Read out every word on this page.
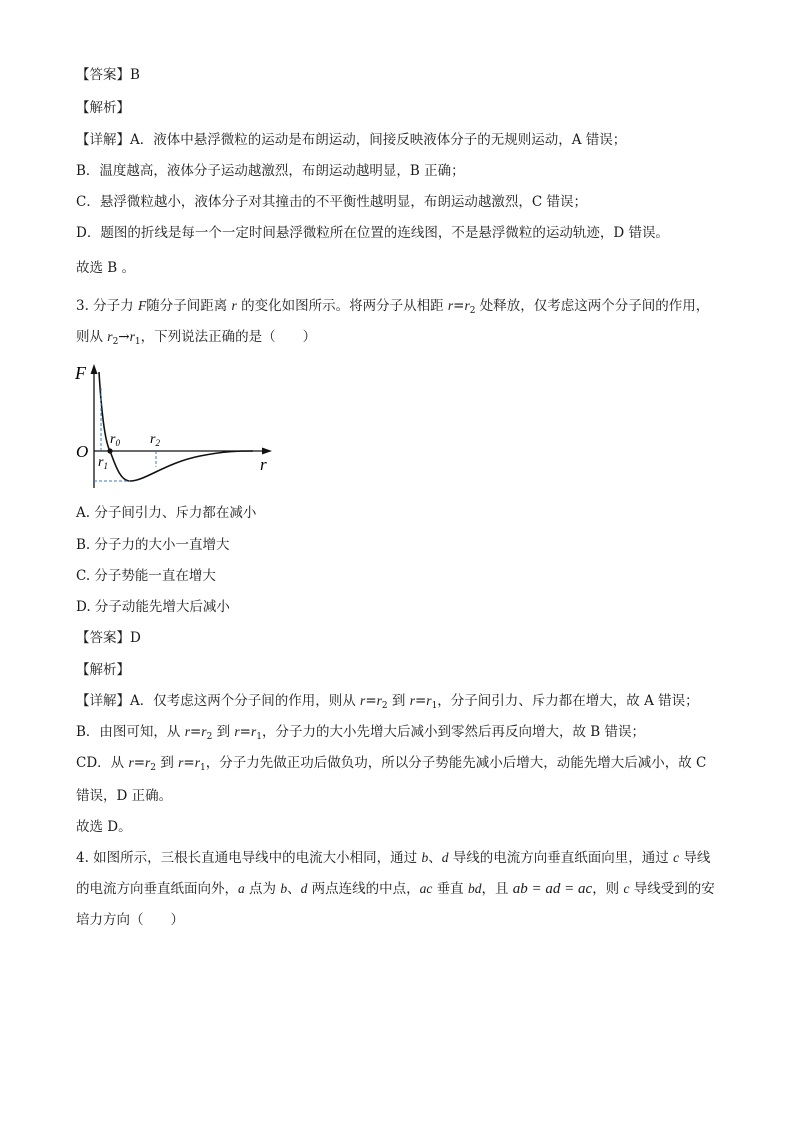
【答案】B
【解析】
【详解】A．液体中悬浮微粒的运动是布朗运动，间接反映液体分子的无规则运动，A 错误；
B．温度越高，液体分子运动越激烈，布朗运动越明显，B 正确；
C．悬浮微粒越小，液体分子对其撞击的不平衡性越明显，布朗运动越激烈，C 错误；
D．题图的折线是每一个一定时间悬浮微粒所在位置的连线图，不是悬浮微粒的运动轨迹，D 错误。
故选 B 。
3. 分子力 F随分子间距离 r 的变化如图所示。将两分子从相距 $r=r_2$ 处释放，仅考虑这两个分子间的作用，
则从 $r_2\to r_1$，下列说法正确的是（　　）
F
O
r
$r_0$
$r_1$
$r_2$
A. 分子间引力、斥力都在减小
B. 分子力的大小一直增大
C. 分子势能一直在增大
D. 分子动能先增大后减小
【答案】D
【解析】
【详解】A．仅考虑这两个分子间的作用，则从 $r=r_2$ 到 $r=r_1$，分子间引力、斥力都在增大，故 A 错误；
B．由图可知，从 $r=r_2$ 到 $r=r_1$，分子力的大小先增大后减小到零然后再反向增大，故 B 错误；
CD．从 $r=r_2$ 到 $r=r_1$，分子力先做正功后做负功，所以分子势能先减小后增大，动能先增大后减小，故 C
错误，D 正确。
故选 D。
4. 如图所示，三根长直通电导线中的电流大小相同，通过 b、d 导线的电流方向垂直纸面向里，通过 c 导线
的电流方向垂直纸面向外，a 点为 b、d 两点连线的中点，ac 垂直 bd，且 ab = ad = ac，则 c 导线受到的安
培力方向（　　）
